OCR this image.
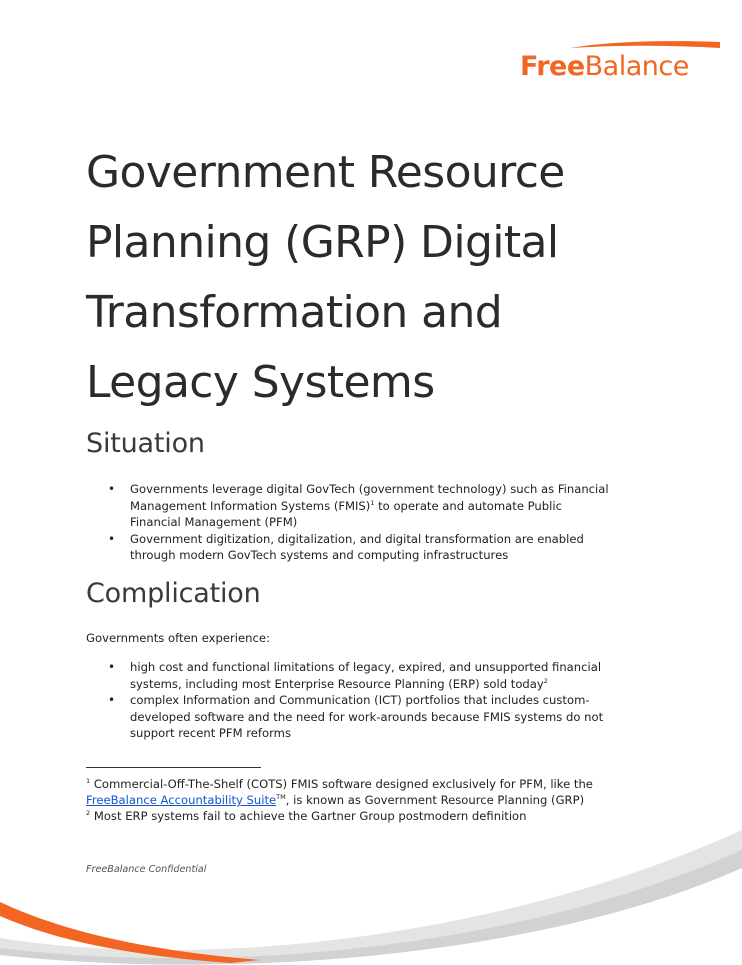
FreeBalance
®
Government Resource
Planning (GRP) Digital
Transformation and
Legacy Systems
Situation
• Governments leverage digital GovTech (government technology) such as Financial Management Information Systems (FMIS)$^1$ to operate and automate Public Financial Management (PFM)
• Government digitization, digitalization, and digital transformation are enabled through modern GovTech systems and computing infrastructures
Complication

Governments often experience:

• high cost and functional limitations of legacy, expired, and unsupported financial systems, including most Enterprise Resource Planning (ERP) sold today$^2$
• complex Information and Communication (ICT) portfolios that includes custom-developed software and the need for work-arounds because FMIS systems do not support recent PFM reforms

$^1$ Commercial-Off-The-Shelf (COTS) FMIS software designed exclusively for PFM, like the
FreeBalance Accountability Suite™, is known as Government Resource Planning (GRP)

$^2$ Most ERP systems fail to achieve the Gartner Group postmodern definition

FreeBalance Confidential
